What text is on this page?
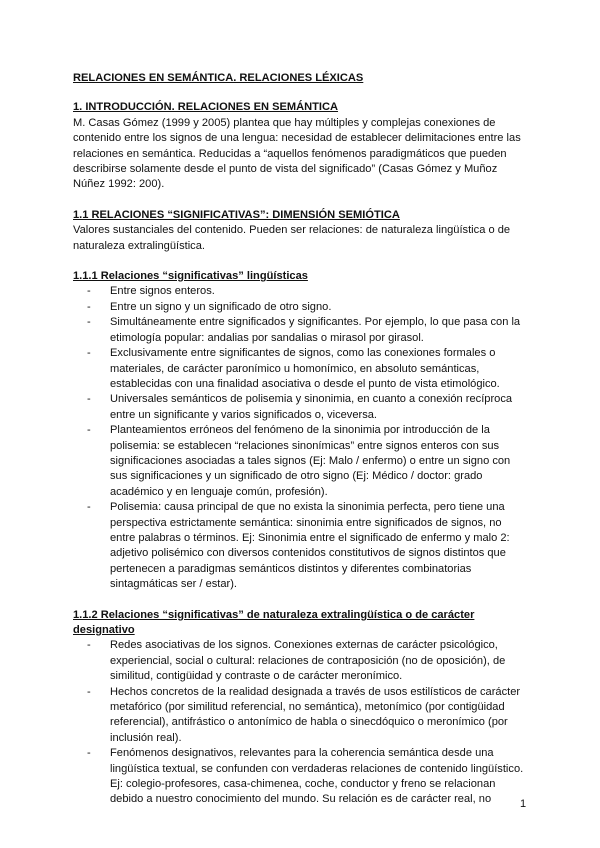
RELACIONES EN SEMÁNTICA. RELACIONES LÉXICAS
1. INTRODUCCIÓN. RELACIONES EN SEMÁNTICA
M. Casas Gómez (1999 y 2005) plantea que hay múltiples y complejas conexiones de
contenido entre los signos de una lengua: necesidad de establecer delimitaciones entre las
relaciones en semántica. Reducidas a “aquellos fenómenos paradigmáticos que pueden
describirse solamente desde el punto de vista del significado” (Casas Gómez y Muñoz
Núñez 1992: 200).
1.1 RELACIONES “SIGNIFICATIVAS”: DIMENSIÓN SEMIÓTICA
Valores sustanciales del contenido. Pueden ser relaciones: de naturaleza lingüística o de
naturaleza extralingüística.
1.1.1 Relaciones “significativas” lingüísticas
- Entre signos enteros.
- Entre un signo y un significado de otro signo.
- Simultáneamente entre significados y significantes. Por ejemplo, lo que pasa con la
etimología popular: andalias por sandalias o mirasol por girasol.
- Exclusivamente entre significantes de signos, como las conexiones formales o
materiales, de carácter paronímico u homonímico, en absoluto semánticas,
establecidas con una finalidad asociativa o desde el punto de vista etimológico.
- Universales semánticos de polisemia y sinonimia, en cuanto a conexión recíproca
entre un significante y varios significados o, viceversa.
- Planteamientos erróneos del fenómeno de la sinonimia por introducción de la
polisemia: se establecen “relaciones sinonímicas” entre signos enteros con sus
significaciones asociadas a tales signos (Ej: Malo / enfermo) o entre un signo con
sus significaciones y un significado de otro signo (Ej: Médico / doctor: grado
académico y en lenguaje común, profesión).
- Polisemia: causa principal de que no exista la sinonimia perfecta, pero tiene una
perspectiva estrictamente semántica: sinonimia entre significados de signos, no
entre palabras o términos. Ej: Sinonimia entre el significado de enfermo y malo 2:
adjetivo polisémico con diversos contenidos constitutivos de signos distintos que
pertenecen a paradigmas semánticos distintos y diferentes combinatorias
sintagmáticas ser / estar).
1.1.2 Relaciones “significativas” de naturaleza extralingüística o de carácter
designativo
- Redes asociativas de los signos. Conexiones externas de carácter psicológico,
experiencial, social o cultural: relaciones de contraposición (no de oposición), de
similitud, contigüidad y contraste o de carácter meronímico.
- Hechos concretos de la realidad designada a través de usos estilísticos de carácter
metafórico (por similitud referencial, no semántica), metonímico (por contigüidad
referencial), antifrástico o antonímico de habla o sinecdóquico o meronímico (por
inclusión real).
- Fenómenos designativos, relevantes para la coherencia semántica desde una
lingüística textual, se confunden con verdaderas relaciones de contenido lingüístico.
Ej: colegio-profesores, casa-chimenea, coche, conductor y freno se relacionan
debido a nuestro conocimiento del mundo. Su relación es de carácter real, no	1
